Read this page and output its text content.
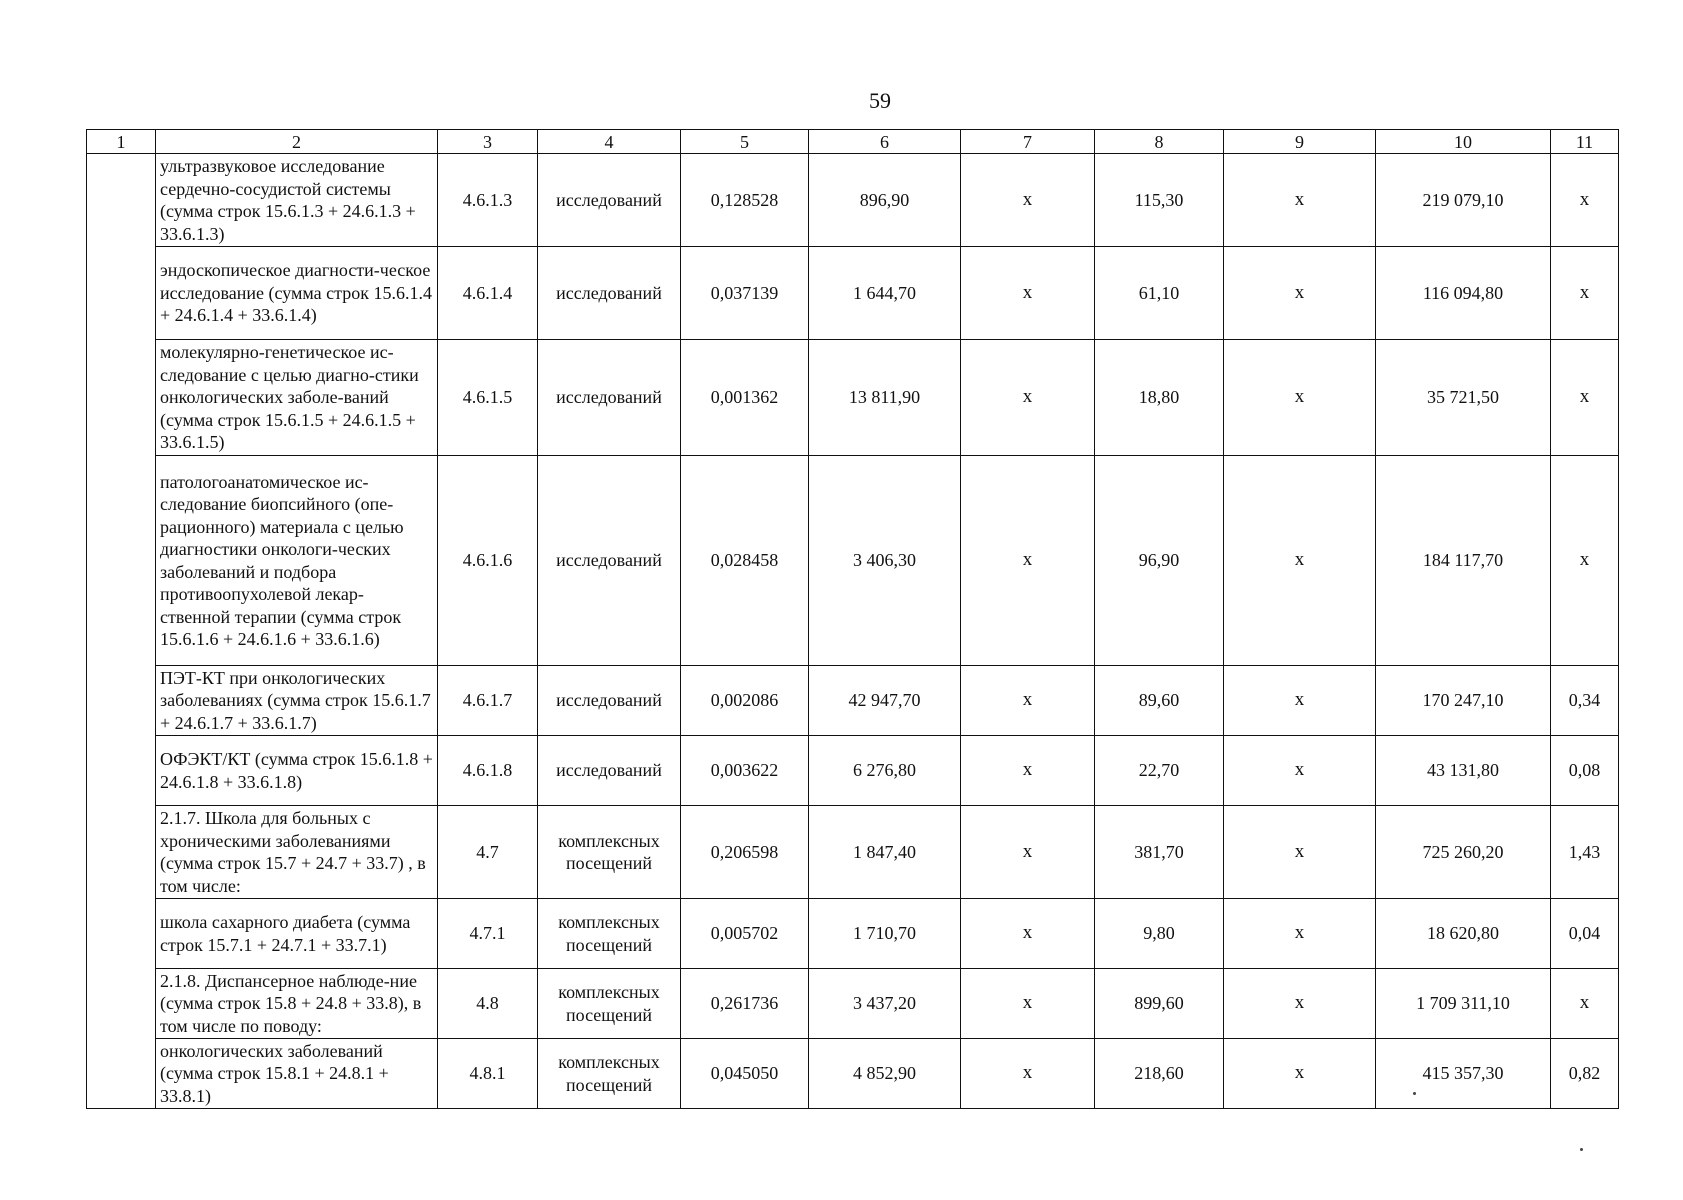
59
1	2	3	4	5	6	7	8	9	10	11
	ультразвуковое исследование сердечно-сосудистой системы (сумма строк 15.6.1.3 + 24.6.1.3 + 33.6.1.3)	4.6.1.3	исследований	0,128528	896,90	х	115,30	х	219 079,10	х
	эндоскопическое диагности-ческое исследование (сумма строк 15.6.1.4 + 24.6.1.4 + 33.6.1.4)	4.6.1.4	исследований	0,037139	1 644,70	х	61,10	х	116 094,80	х
	молекулярно-генетическое ис-следование с целью диагно-стики онкологических заболе-ваний (сумма строк 15.6.1.5 + 24.6.1.5 + 33.6.1.5)	4.6.1.5	исследований	0,001362	13 811,90	х	18,80	х	35 721,50	х
	патологоанатомическое ис-следование биопсийного (опе-рационного) материала с целью диагностики онкологи-ческих заболеваний и подбора противоопухолевой лекар-ственной терапии (сумма строк 15.6.1.6 + 24.6.1.6 + 33.6.1.6)	4.6.1.6	исследований	0,028458	3 406,30	х	96,90	х	184 117,70	х
	ПЭТ-КТ при онкологических заболеваниях (сумма строк 15.6.1.7 + 24.6.1.7 + 33.6.1.7)	4.6.1.7	исследований	0,002086	42 947,70	х	89,60	х	170 247,10	0,34
	ОФЭКТ/КТ (сумма строк 15.6.1.8 + 24.6.1.8 + 33.6.1.8)	4.6.1.8	исследований	0,003622	6 276,80	х	22,70	х	43 131,80	0,08
	2.1.7. Школа для больных с хроническими заболеваниями (сумма строк 15.7 + 24.7 + 33.7) , в том числе:	4.7	комплексных посещений	0,206598	1 847,40	х	381,70	х	725 260,20	1,43
	школа сахарного диабета (сумма строк 15.7.1 + 24.7.1 + 33.7.1)	4.7.1	комплексных посещений	0,005702	1 710,70	х	9,80	х	18 620,80	0,04
	2.1.8. Диспансерное наблюде-ние (сумма строк 15.8 + 24.8 + 33.8), в том числе по поводу:	4.8	комплексных посещений	0,261736	3 437,20	х	899,60	х	1 709 311,10	х
	онкологических заболеваний (сумма строк 15.8.1 + 24.8.1 + 33.8.1)	4.8.1	комплексных посещений	0,045050	4 852,90	х	218,60	х	415 357,30	0,82
